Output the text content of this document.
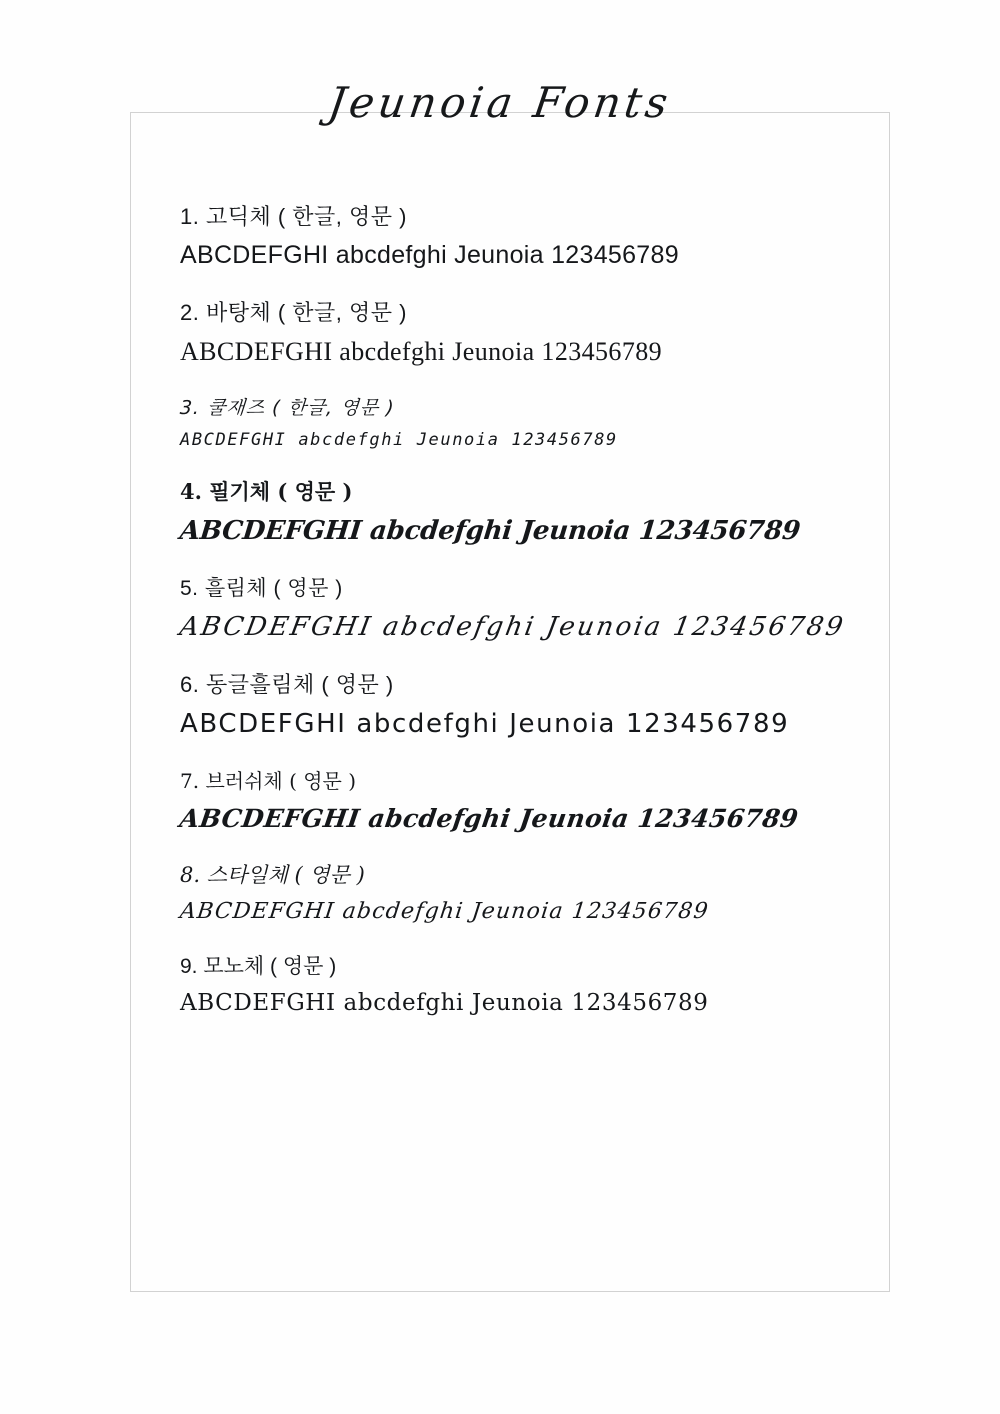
Jeunoia Fonts
1. 고딕체 ( 한글, 영문 )
ABCDEFGHI abcdefghi Jeunoia 123456789
2. 바탕체 ( 한글, 영문 )
ABCDEFGHI abcdefghi Jeunoia 123456789
3. 쿨재즈 ( 한글, 영문 )
ABCDEFGHI abcdefghi Jeunoia 123456789
4. 필기체 ( 영문 )
ABCDEFGHI abcdefghi Jeunoia 123456789
5. 흘림체 ( 영문 )
ABCDEFGHI abcdefghi Jeunoia 123456789
6. 동글흘림체 ( 영문 )
ABCDEFGHI abcdefghi Jeunoia 123456789
7. 브러쉬체 ( 영문 )
ABCDEFGHI abcdefghi Jeunoia 123456789
8. 스타일체 ( 영문 )
ABCDEFGHI abcdefghi Jeunoia 123456789
9. 모노체 ( 영문 )
ABCDEFGHI abcdefghi Jeunoia 123456789
